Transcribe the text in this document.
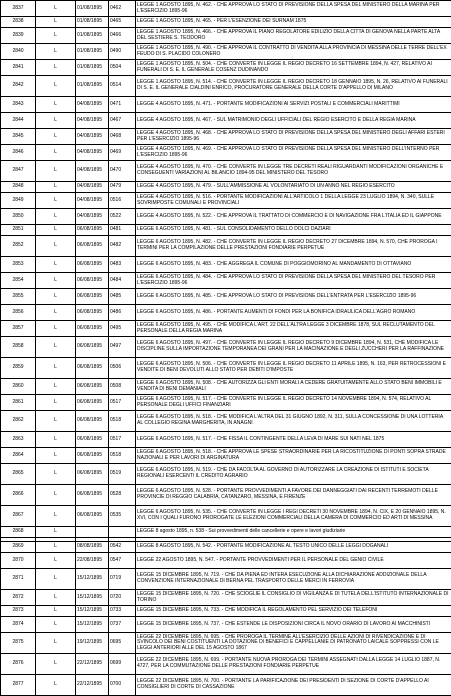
2837	L	01/08/1895	0462	LEGGE 1 AGOSTO 1895, N. 462. - CHE APPROVA LO STATO DI PREVISIONE DELLA SPESA DEL MINISTERO DELLA MARINA PER L'ESERCIZIO 1895-96
2838	L	01/08/1895	0465	LEGGE 1 AGOSTO 1895, N. 465. - PER L'ESENZIONE DEI SURNAM 1875
2839	L	01/08/1895	0466	LEGGE 1 AGOSTO 1895, N. 466. - CHE APPROVA IL PIANO REGOLATORE EDILIZIO DELLA CITTA DI GENOVA NELLA PARTE ALTA DEL SESTIERE S. TEODORO
2840	L	01/08/1895	0490	LEGGE 1 AGOSTO 1895, N. 490. - CHE APPROVA IL CONTRATTO DI VENDITA ALLA PROVINCIA DI MESSINA DELLE TERRE DELL'EX FEUDO DI S. PLACIDO COLONERO
2841	L	01/08/1895	0504	LEGGE 1 AGOSTO 1895, N. 504. - CHE CONVERTE IN LEGGE IL REGIO DECRETO 16 SETTEMBRE 1894, N. 427, RELATIVO AI FUNERALI DI S. E. IL GENERALE COSENZ DUDINANDO
2842	L	01/08/1895	0514	LEGGE 1 AGOSTO 1895, N. 514. - CHE CONVERTE IN LEGGE IL REGIO DECRETO 18 GENNAIO 1895, N. 26, RELATIVO AI FUNERALI DI S. E. IL GENERALE CIALDINI ENRICO, PROCURATORE GENERALE DELLA CORTE D'APPELLO DI MILANO
2843	L	04/08/1895	0471	LEGGE 4 AGOSTO 1895, N. 471. - PORTANTE MODIFICAZIONI AI SERVIZI POSTALI E COMMERCIALI MARITTIMI
2844	L	04/08/1895	0467	LEGGE 4 AGOSTO 1895, N. 467. - SUL MATRIMONIO DEGLI UFFICIALI DEL REGIO ESERCITO E DELLA REGIA MARINA
2845	L	04/08/1895	0468	LEGGE 4 AGOSTO 1895, N. 468. - CHE APPROVA LO STATO DI PREVISIONE DELLA SPESA DEL MINISTERO DEGLI AFFARI ESTERI PER L'ESERCIZIO 1895-96
2846	L	04/08/1895	0469	LEGGE 4 AGOSTO 1895, N. 469. - CHE APPROVA LO STATO DI PREVISIONE DELLA SPESA DEL MINISTERO DELL'INTERNO PER L'ESERCIZIO 1895-96
2847	L	04/08/1895	0470	LEGGE 4 AGOSTO 1895, N. 470. - CHE CONVERTE IN LEGGE TRE DECRETI REALI RIGUARDANTI MODIFICAZIONI ORGANICHE E CONSEGUENTI VARIAZIONI AL BILANCIO 1894-95 DEL MINISTERO DEL TESORO
2848	L	04/08/1895	0479	LEGGE 4 AGOSTO 1895, N. 479. - SULL'AMMISSIONE AL VOLONTARIATO DI UN ANNO NEL REGIO ESERCITO
2849	L	04/08/1895	0516	LEGGE 4 AGOSTO 1895, N. 516. - PORTANTE MODIFICAZIONI ALL'ARTICOLO 1 DELLA LEGGE 23 LUGLIO 1894, N. 340, SULLE SOVRIMPOSTE COMUNALI E PROVINCIALI
2850	L	04/08/1895	0522	LEGGE 4 AGOSTO 1895, N. 522. - CHE APPROVA IL TRATTATO DI COMMERCIO E DI NAVIGAZIONE FRA L'ITALIA ED IL GIAPPONE
2851	L	06/08/1895	0481	LEGGE 6 AGOSTO 1895, N. 481. - SUL CONSOLIDAMENTO DELLO DOLCI DAZIARI
2852	L	06/08/1895	0482	LEGGE 6 AGOSTO 1895, N. 482. - CHE CONVERTE IN LEGGE IL REGIO DECRETO 27 DICEMBRE 1894, N. 570, CHE PROROGA I TERMINI PER LA COMPILAZIONE DELLE PRESTAZIONI FONDIARIE PERPETUE
2853	L	06/08/1895	0483	LEGGE 6 AGOSTO 1895, N. 483. - CHE AGGREGA IL COMUNE DI POGGIOMORINO AL MANDAMENTO DI OTTAVIANO
2854	L	06/08/1895	0484	LEGGE 6 AGOSTO 1895, N. 484. - CHE APPROVA LO STATO DI PREVISIONE DELLA SPESA DEL MINISTERO DEL TESORO PER L'ESERCIZIO 1895-96
2855	L	06/08/1895	0485	LEGGE 6 AGOSTO 1895, N. 485. - CHE APPROVA LO STATO DI PREVISIONE DELL'ENTRATA PER L'ESERCIZIO 1895-96
2856	L	06/08/1895	0486	LEGGE 6 AGOSTO 1895, N. 486. - PORTANTE AUMENTI DI FONDI PER LA BONIFICA IDRAULICA DELL'AGRO ROMANO
2857	L	06/08/1895	0495	LEGGE 6 AGOSTO 1895, N. 495. - CHE MODIFICA L'ART. 22 DELL'ALTRA LEGGE 3 DICEMBRE 1878, SUL RECLUTAMENTO DEL PERSONALE DELLA REGIA MARINA
2858	L	06/08/1895	0497	LEGGE 6 AGOSTO 1895, N. 497. - CHE CONVERTE IN LEGGE IL REGIO DECRETO 9 DICEMBRE 1894, N. 531, CHE MODIFICA LE DISCIPLINE SULLA IMPORTAZIONE TEMPORANEA DEI GRANI PER LA MACINAZIONE E DEGLI ZUCCHERI PER LA RAFFINAZIONE
2859	L	06/08/1895	0506	LEGGE 6 AGOSTO 1895, N. 506. - CHE CONVERTE IN LEGGE IL REGIO DECRETO 11 APRILE 1895, N. 163, PER RETROCESSIONI E VENDITE DI BENI DEVOLUTI ALLO STATO PER DEBITI D'IMPOSTE
2860	L	06/08/1895	0508	LEGGE 6 AGOSTO 1895, N. 508. - CHE AUTORIZZA GLI ENTI MORALI A CEDERE GRATUITAMENTE ALLO STATO BENI IMMOBILI E VENDITA DI BENI DEMANIALI
2861	L	06/08/1895	0517	LEGGE 6 AGOSTO 1895, N. 517. - CHE CONVERTE IN LEGGE IL REGIO DECRETO 14 NOVEMBRE 1894, N. 574, RELATIVO AL PERSONALE DEGLI UFFICI FINANZIARI
2862	L	06/08/1895	0518	LEGGE 6 AGOSTO 1895, N. 518. - CHE MODIFICA L'ALTRA DEL 31 GIUGNO 1892, N. 311, SULLA CONCESSIONE DI UNA LOTTERIA AL COLLEGIO REGINA MARGHERITA, IN ANAGNI
2863	L	06/08/1895	0517	LEGGE 6 AGOSTO 1895, N. 517. - CHE FISSA IL CONTINGENTE DELLA LEVA DI MARE SUI NATI NEL 1875
2864	L	06/08/1895	0518	LEGGE 6 AGOSTO 1895, N. 518. - CHE APPROVA LE SPESE STRAORDINARIE PER LA RICOSTITUZIONE DI PONTI SOPRA STRADE NAZIONALI E PER LAVORI DI ARGINATURA
2865	L	06/08/1895	0519	LEGGE 6 AGOSTO 1895, N. 519. - CHE DA FACOLTA AL GOVERNO DI AUTORIZZARE LA CREAZIONE DI ISTITUTI E SOCIETA REGIONALI ESERCENTI IL CREDITO AGRARIO
2866	L	06/08/1895	0528	LEGGE 6 AGOSTO 1895, N. 528. - PORTANTE PROVVEDIMENTI A FAVORE DEI DANNEGGIATI DAI RECENTI TERREMOTI DELLE PROVINCIE DI REGGIO CALABRIA, CATANZARO, MESSINA, E FIRENZE
2867	L	06/08/1895	0535	LEGGE 6 AGOSTO 1895, N. 535. - CHE CONVERTE IN LEGGE I REGI DECRETI 30 NOVEMBRE 1894, N. CIX, E 20 GENNAIO 1895, N. XVI, CON I QUALI FURONO PROROGATE LE ELEZIONI COMMERCIALI DELLA CAMERA DI COMMERCIO ED ARTI DI MESSINA
2868	L			LEGGE 8 agosto 1895, n. 538 - Sui provvedimenti delle cancellerie e opere e lavori giudiziarie

2869	L	08/08/1895	0542	LEGGE 8 AGOSTO 1895, N. 542. - PORTANTE MODIFICAZIONE AL TESTO UNICO DELLE LEGGI DOGANALI
2870	L	22/08/1895	0547	LEGGE 22 AGOSTO 1895, N. 547. - PORTANTE PROVVEDIMENTI PER IL PERSONALE DEL GENIO CIVILE
2871	L	15/12/1895	0719	LEGGE 15 DICEMBRE 1895, N. 719. - CHE DA PIENA ED INTERA ESECUZIONE ALLA DICHIARAZIONE ADDIZIONALE DELLA CONVENZIONE INTERNAZIONALE DI BERNA PEL TRASPORTO DELLE MERCI IN FERROVIA
2872	L	15/12/1895	0720	LEGGE 15 DICEMBRE 1895, N. 720. - CHE SCIOGLIE IL CONSIGLIO DI VIGILANZA E DI TUTELA DELL'ISTITUTO INTERNAZIONALE DI TORINO
2873	L	15/12/1895	0733	LEGGE 15 DICEMBRE 1895, N. 733. - CHE MODIFICA IL REGOLAMENTO PEL SERVIZIO DEI TELEFONI
2874	L	15/12/1895	0737	LEGGE 15 DICEMBRE 1895, N. 737. - CHE ESTENDE LE DISPOSIZIONI CIRCA IL NOVO ORARIO DI LAVORO AI MACCHINISTI
2875	L	19/12/1895	0695	LEGGE 22 DICEMBRE 1895, N. 695. - CHE PROROGA IL TERMINE ALL'ESERCIZIO DELLE AZIONI DI RIVENDICAZIONE E DI SVINCOLO DEI BENI COSTITUENTI LA DOTAZIONE DI BENEFICI E CAPPELLANIE DI PATRONATO LAICALE SOPPRESSI CON LE LEGGI ANTERIORI ALLE DEL 15 AGOSTO 1867
2876	L	22/12/1895	0699	LEGGE 22 DICEMBRE 1895, N. 699. - PORTANTE NUOVA PROROGA DEI TERMINI ASSEGNATI DALLA LEGGE 14 LUGLIO 1887, N. 4727, PER LA COMMUTAZIONE DELLE PRESTAZIONI FONDIARIE PERPETUE
2877	L	22/12/1895	0700	LEGGE 22 DICEMBRE 1895, N. 700. - PORTANTE LA PARIFICAZIONE DEI PRESIDENTI DI SEZIONE DI CORTE D'APPELLO AI CONSIGLIERI DI CORTE DI CASSAZIONE
